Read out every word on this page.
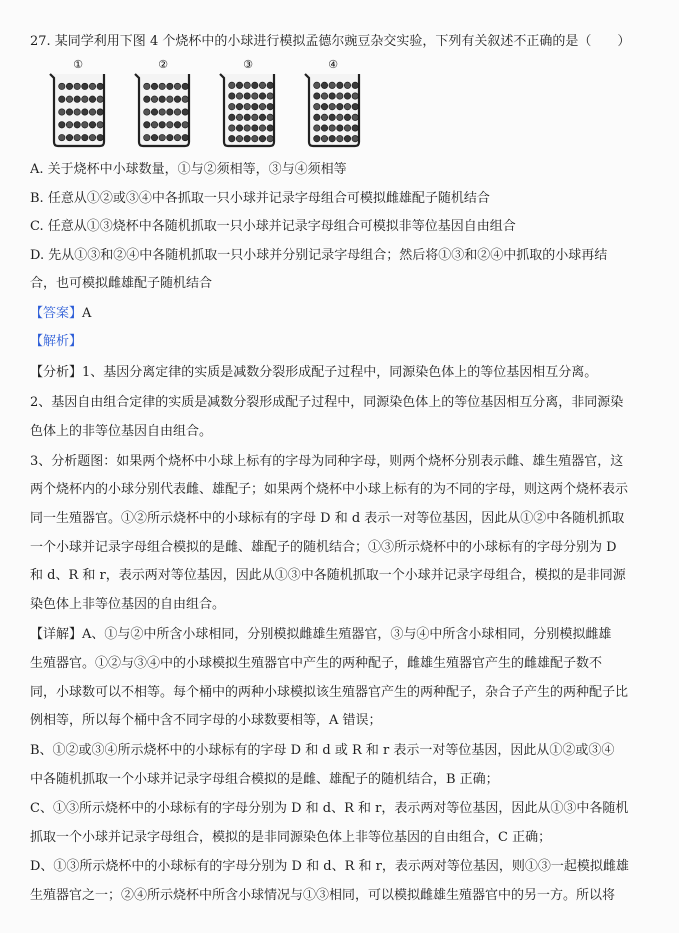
27. 某同学利用下图 4 个烧杯中的小球进行模拟孟德尔豌豆杂交实验，下列有关叙述不正确的是（　　）
①	②	③	④
A. 关于烧杯中小球数量，①与②须相等，③与④须相等
B. 任意从①②或③④中各抓取一只小球并记录字母组合可模拟雌雄配子随机结合
C. 任意从①③烧杯中各随机抓取一只小球并记录字母组合可模拟非等位基因自由组合
D. 先从①③和②④中各随机抓取一只小球并分别记录字母组合；然后将①③和②④中抓取的小球再结
合，也可模拟雌雄配子随机结合
【答案】A
【解析】
【分析】1、基因分离定律的实质是减数分裂形成配子过程中，同源染色体上的等位基因相互分离。
2、基因自由组合定律的实质是减数分裂形成配子过程中，同源染色体上的等位基因相互分离，非同源染
色体上的非等位基因自由组合。
3、分析题图：如果两个烧杯中小球上标有的字母为同种字母，则两个烧杯分别表示雌、雄生殖器官，这
两个烧杯内的小球分别代表雌、雄配子；如果两个烧杯中小球上标有的为不同的字母，则这两个烧杯表示
同一生殖器官。①②所示烧杯中的小球标有的字母 D 和 d 表示一对等位基因，因此从①②中各随机抓取
一个小球并记录字母组合模拟的是雌、雄配子的随机结合；①③所示烧杯中的小球标有的字母分别为 D
和 d、R 和 r，表示两对等位基因，因此从①③中各随机抓取一个小球并记录字母组合，模拟的是非同源
染色体上非等位基因的自由组合。
【详解】A、①与②中所含小球相同，分别模拟雌雄生殖器官，③与④中所含小球相同，分别模拟雌雄
生殖器官。①②与③④中的小球模拟生殖器官中产生的两种配子，雌雄生殖器官产生的雌雄配子数不
同，小球数可以不相等。每个桶中的两种小球模拟该生殖器官产生的两种配子，杂合子产生的两种配子比
例相等，所以每个桶中含不同字母的小球数要相等，A 错误；
B、①②或③④所示烧杯中的小球标有的字母 D 和 d 或 R 和 r 表示一对等位基因，因此从①②或③④
中各随机抓取一个小球并记录字母组合模拟的是雌、雄配子的随机结合，B 正确；
C、①③所示烧杯中的小球标有的字母分别为 D 和 d、R 和 r，表示两对等位基因，因此从①③中各随机
抓取一个小球并记录字母组合，模拟的是非同源染色体上非等位基因的自由组合，C 正确；
D、①③所示烧杯中的小球标有的字母分别为 D 和 d、R 和 r，表示两对等位基因，则①③一起模拟雌雄
生殖器官之一；②④所示烧杯中所含小球情况与①③相同，可以模拟雌雄生殖器官中的另一方。所以将
